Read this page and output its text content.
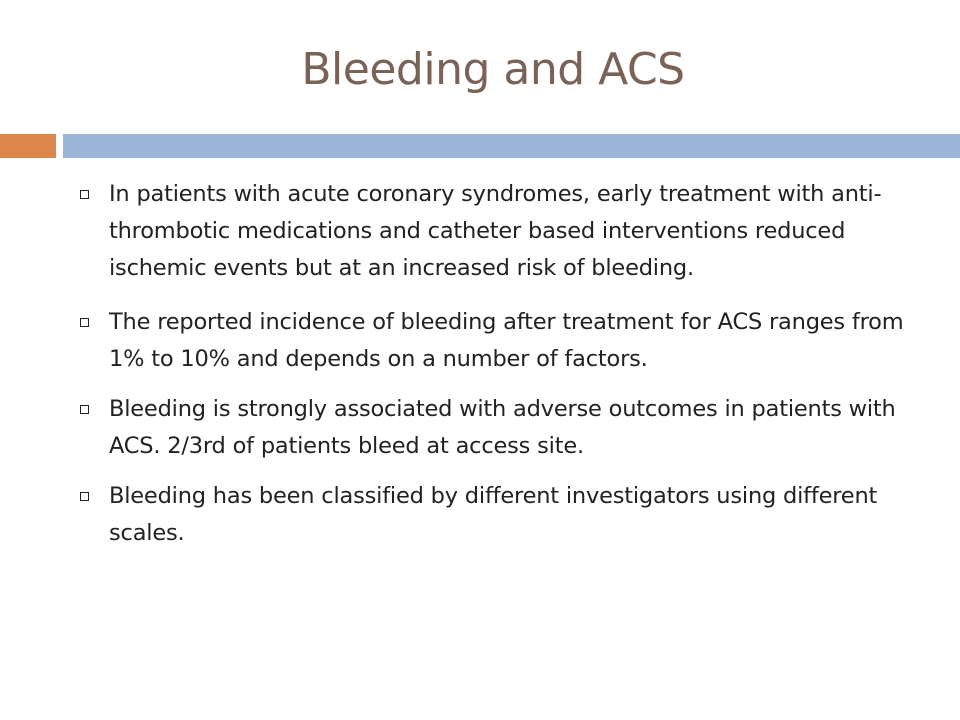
Bleeding and ACS
In patients with acute coronary syndromes, early treatment with anti-thrombotic medications and catheter based interventions reduced ischemic events but at an increased risk of bleeding.
The reported incidence of bleeding after treatment for ACS ranges from 1% to 10% and depends on a number of factors.
Bleeding is strongly associated with adverse outcomes in patients with ACS. 2/3rd of patients bleed at access site.
Bleeding has been classified by different investigators using different scales.
